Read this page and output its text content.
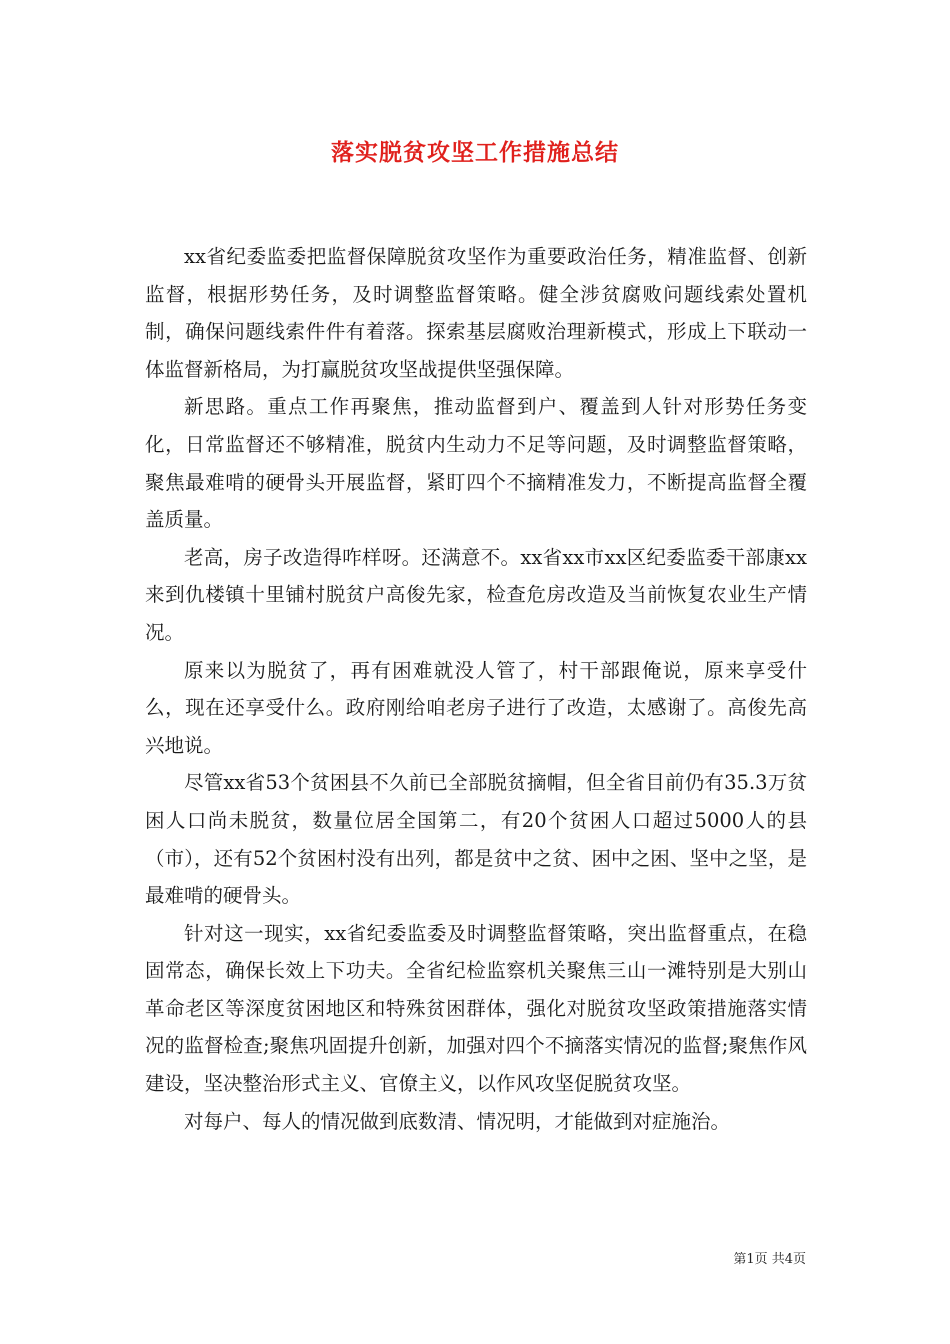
落实脱贫攻坚工作措施总结

xx省纪委监委把监督保障脱贫攻坚作为重要政治任务，精准监督、创新监督，根据形势任务，及时调整监督策略。健全涉贫腐败问题线索处置机制，确保问题线索件件有着落。探索基层腐败治理新模式，形成上下联动一体监督新格局，为打赢脱贫攻坚战提供坚强保障。

新思路。重点工作再聚焦，推动监督到户、覆盖到人针对形势任务变化，日常监督还不够精准，脱贫内生动力不足等问题，及时调整监督策略，聚焦最难啃的硬骨头开展监督，紧盯四个不摘精准发力，不断提高监督全覆盖质量。

老高，房子改造得咋样呀。还满意不。xx省xx市xx区纪委监委干部康xx来到仇楼镇十里铺村脱贫户高俊先家，检查危房改造及当前恢复农业生产情况。

原来以为脱贫了，再有困难就没人管了，村干部跟俺说，原来享受什么，现在还享受什么。政府刚给咱老房子进行了改造，太感谢了。高俊先高兴地说。

尽管xx省53个贫困县不久前已全部脱贫摘帽，但全省目前仍有35.3万贫困人口尚未脱贫，数量位居全国第二，有20个贫困人口超过5000人的县（市），还有52个贫困村没有出列，都是贫中之贫、困中之困、坚中之坚，是最难啃的硬骨头。

针对这一现实，xx省纪委监委及时调整监督策略，突出监督重点，在稳固常态，确保长效上下功夫。全省纪检监察机关聚焦三山一滩特别是大别山革命老区等深度贫困地区和特殊贫困群体，强化对脱贫攻坚政策措施落实情况的监督检查;聚焦巩固提升创新，加强对四个不摘落实情况的监督;聚焦作风建设，坚决整治形式主义、官僚主义，以作风攻坚促脱贫攻坚。

对每户、每人的情况做到底数清、情况明，才能做到对症施治。

第1页 共4页
